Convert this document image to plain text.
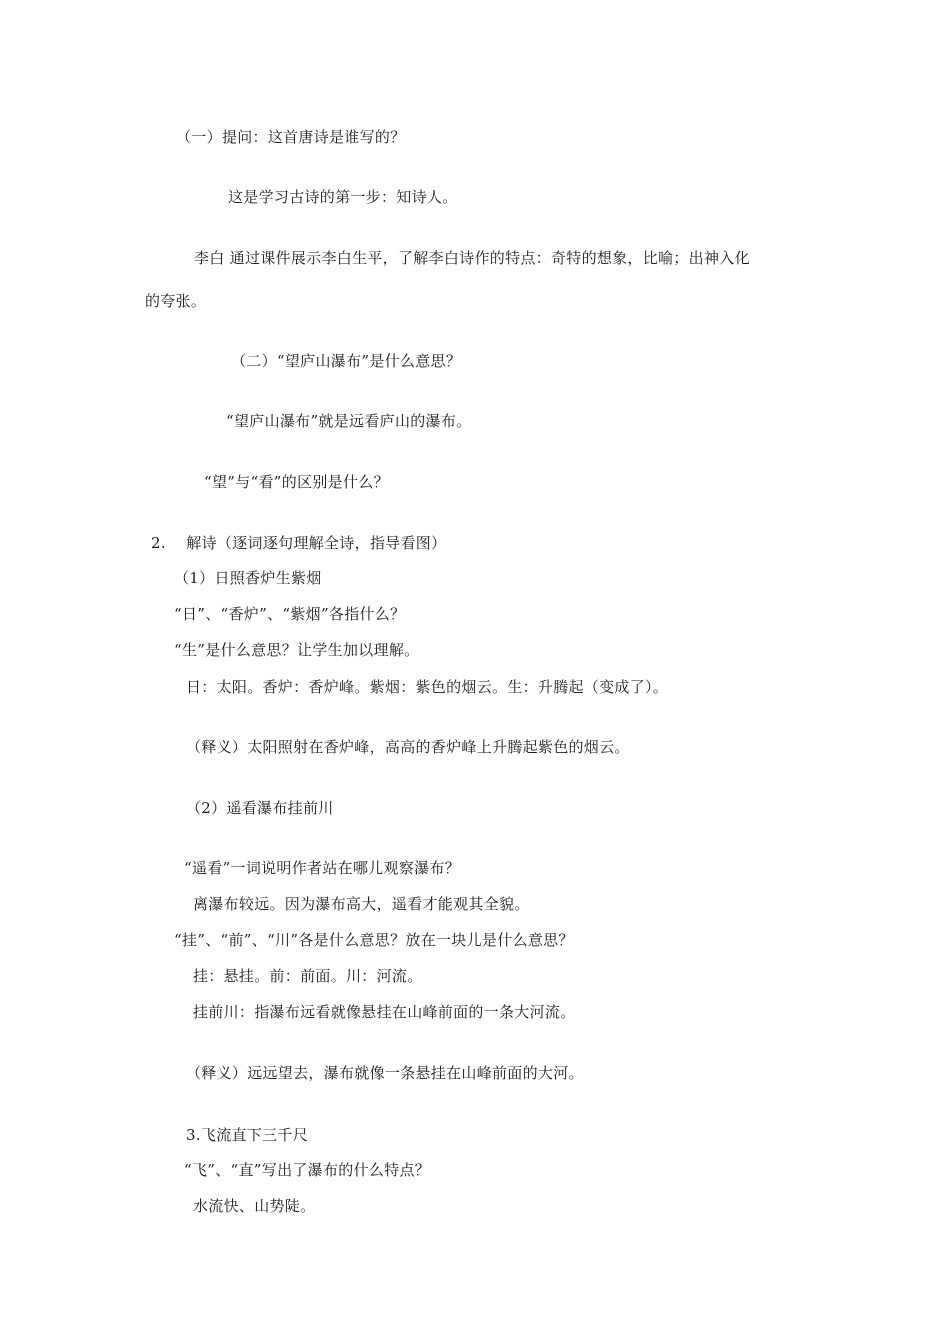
（一）提问：这首唐诗是谁写的？
这是学习古诗的第一步：知诗人。
李白 通过课件展示李白生平，了解李白诗作的特点：奇特的想象，比喻；出神入化
的夸张。
（二）“望庐山瀑布”是什么意思？
“望庐山瀑布”就是远看庐山的瀑布。
“望”与“看”的区别是什么？
2.　 解诗（逐词逐句理解全诗，指导看图）
（1）日照香炉生紫烟
“日”、“香炉”、“紫烟”各指什么？
“生”是什么意思？让学生加以理解。
日：太阳。香炉：香炉峰。紫烟：紫色的烟云。生：升腾起（变成了）。
（释义）太阳照射在香炉峰，高高的香炉峰上升腾起紫色的烟云。
（2）遥看瀑布挂前川
“遥看”一词说明作者站在哪儿观察瀑布？
离瀑布较远。因为瀑布高大，遥看才能观其全貌。
“挂”、“前”、“川”各是什么意思？放在一块儿是什么意思？
挂：悬挂。前：前面。川：河流。
挂前川：指瀑布远看就像悬挂在山峰前面的一条大河流。
（释义）远远望去，瀑布就像一条悬挂在山峰前面的大河。
3.飞流直下三千尺
“飞”、“直”写出了瀑布的什么特点？
水流快、山势陡。
